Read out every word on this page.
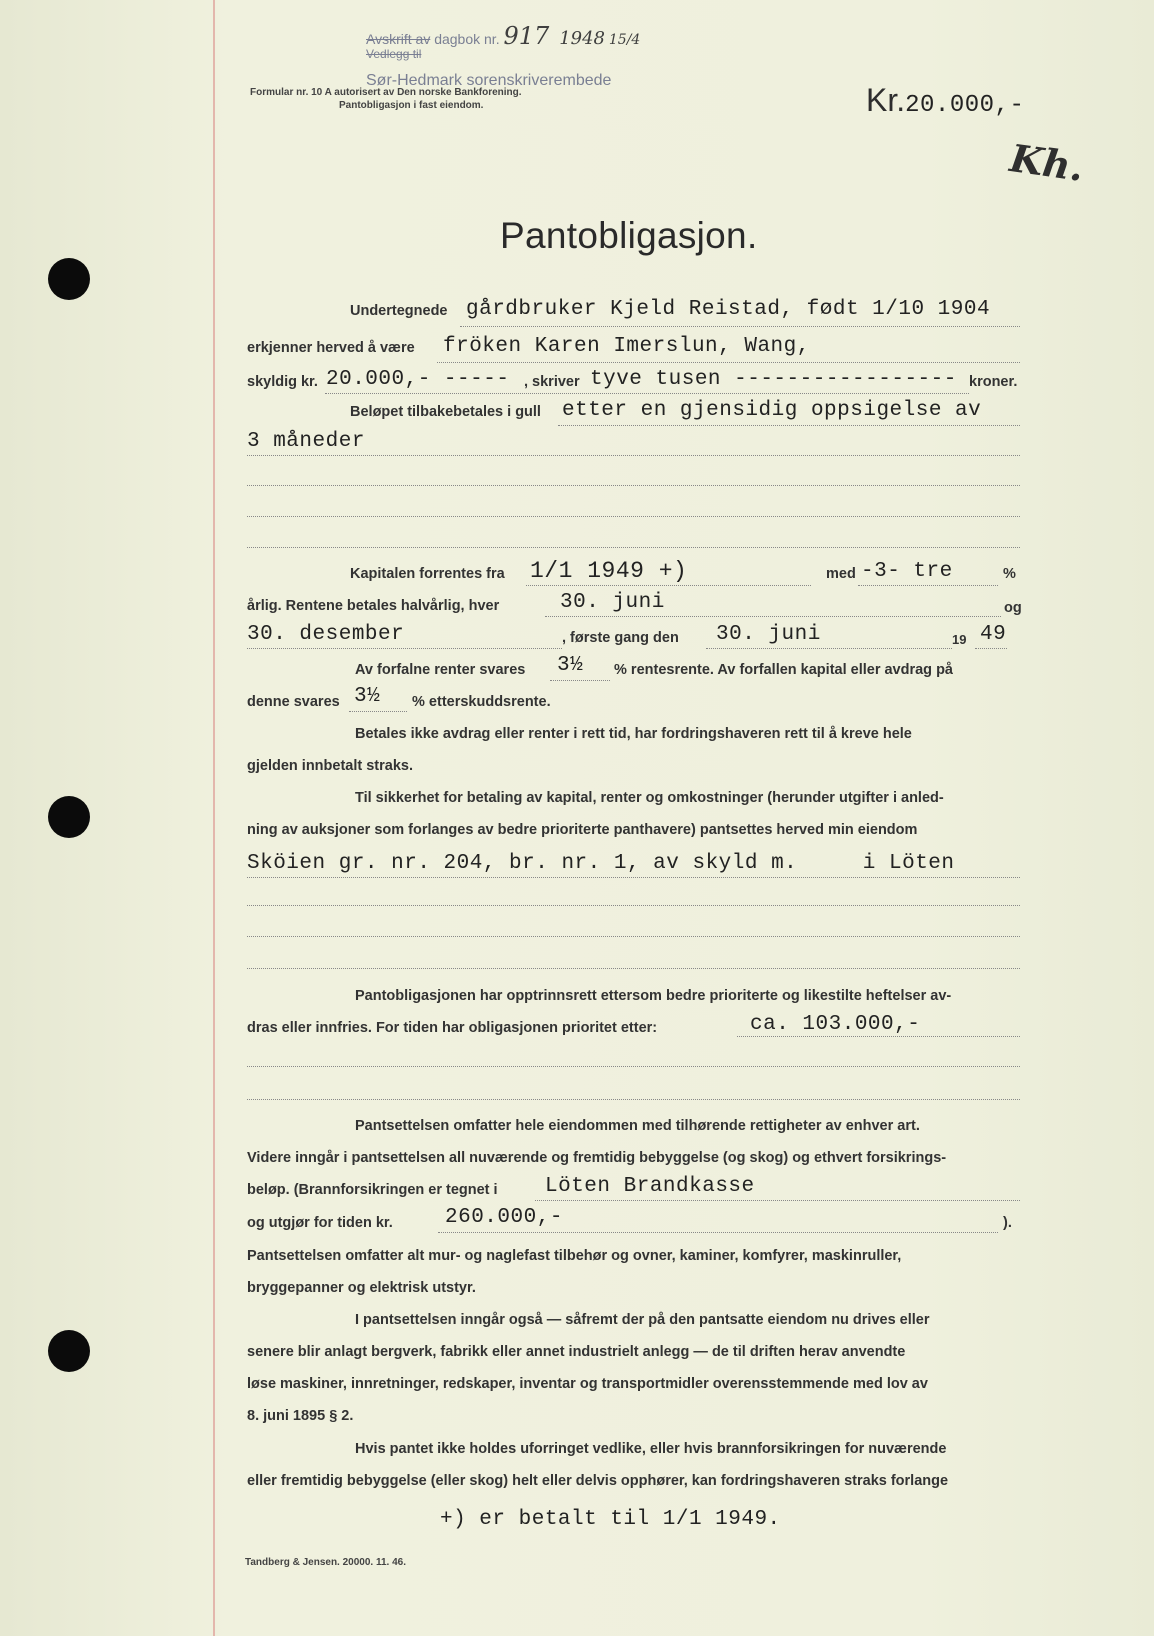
Avskrift av dagbok nr. 917 1948 15/4
Vedlegg til
Sør-Hedmark sorenskriverembede
Formular nr. 10 A autorisert av Den norske Bankforening.
Pantobligasjon i fast eiendom.	Kr.20.000,-
Kh.
Pantobligasjon.
Undertegnede gårdbruker Kjeld Reistad, født 1/10 1904
erkjenner herved å være fröken Karen Imerslun, Wang,
skyldig kr. 20.000,- ----- , skriver tyve tusen ----------------- kroner.
Beløpet tilbakebetales i gull etter en gjensidig oppsigelse av
3 måneder
Kapitalen forrentes fra 1/1 1949 +)	med -3- tre	%
årlig. Rentene betales halvårlig, hver	30. juni	og
30. desember	, første gang den 30. juni	19 49
Av forfalne renter svares 3½ % rentesrente. Av forfallen kapital eller avdrag på
denne svares 3½ % etterskuddsrente.
Betales ikke avdrag eller renter i rett tid, har fordringshaveren rett til å kreve hele
gjelden innbetalt straks.
Til sikkerhet for betaling av kapital, renter og omkostninger (herunder utgifter i anled-
ning av auksjoner som forlanges av bedre prioriterte panthavere) pantsettes herved min eiendom
Sköien gr. nr. 204, br. nr. 1, av skyld m.     i Löten
Pantobligasjonen har opptrinnsrett ettersom bedre prioriterte og likestilte heftelser av-
dras eller innfries. For tiden har obligasjonen prioritet etter:	ca. 103.000,-
Pantsettelsen omfatter hele eiendommen med tilhørende rettigheter av enhver art.
Videre inngår i pantsettelsen all nuværende og fremtidig bebyggelse (og skog) og ethvert forsikrings-
beløp. (Brannforsikringen er tegnet i Löten Brandkasse
og utgjør for tiden kr. 260.000,-	).
Pantsettelsen omfatter alt mur- og naglefast tilbehør og ovner, kaminer, komfyrer, maskinruller,
bryggepanner og elektrisk utstyr.
I pantsettelsen inngår også — såfremt der på den pantsatte eiendom nu drives eller
senere blir anlagt bergverk, fabrikk eller annet industrielt anlegg — de til driften herav anvendte
løse maskiner, innretninger, redskaper, inventar og transportmidler overensstemmende med lov av
8. juni 1895 § 2.
Hvis pantet ikke holdes uforringet vedlike, eller hvis brannforsikringen for nuværende
eller fremtidig bebyggelse (eller skog) helt eller delvis opphører, kan fordringshaveren straks forlange
+) er betalt til 1/1 1949.
Tandberg & Jensen. 20000. 11. 46.
